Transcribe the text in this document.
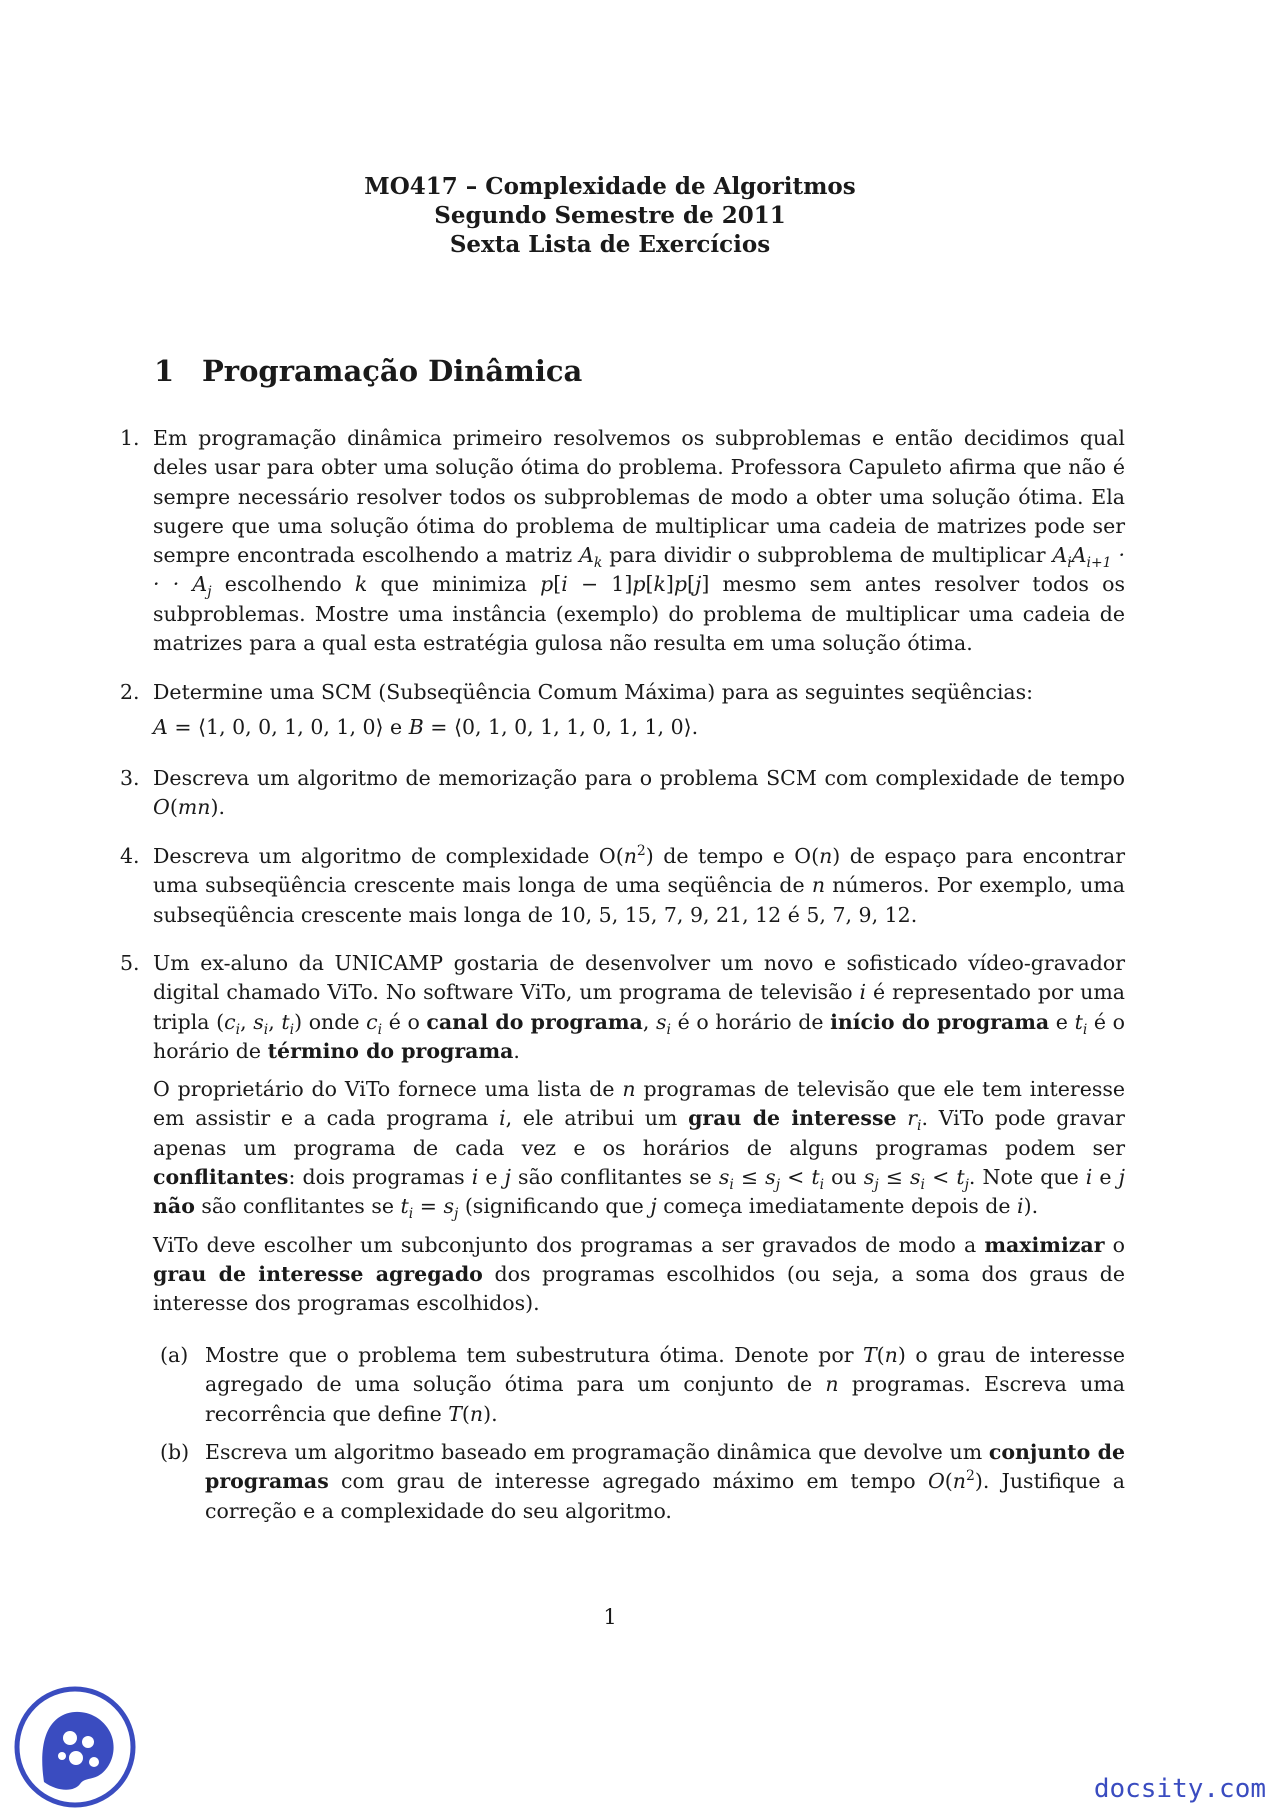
MO417 – Complexidade de Algoritmos
Segundo Semestre de 2011
Sexta Lista de Exercícios
1 Programação Dinâmica
1. Em programação dinâmica primeiro resolvemos os subproblemas e então decidimos qual deles usar para obter uma solução ótima do problema. Professora Capuleto afirma que não é sempre necessário resolver todos os subproblemas de modo a obter uma solução ótima. Ela sugere que uma solução ótima do problema de multiplicar uma cadeia de matrizes pode ser sempre encontrada escolhendo a matriz $A_k$ para dividir o subproblema de multiplicar $A_iA_{i+1}$ · · · $A_j$ escolhendo k que minimiza p[i − 1]p[k]p[j] mesmo sem antes resolver todos os subproblemas. Mostre uma instância (exemplo) do problema de multiplicar uma cadeia de matrizes para a qual esta estratégia gulosa não resulta em uma solução ótima.

2. Determine uma SCM (Subseqüência Comum Máxima) para as seguintes seqüências:

A = ⟨1, 0, 0, 1, 0, 1, 0⟩ e B = ⟨0, 1, 0, 1, 1, 0, 1, 1, 0⟩.

3. Descreva um algoritmo de memorização para o problema SCM com complexidade de tempo O(mn).

4. Descreva um algoritmo de complexidade $O(n^2)$ de tempo e O(n) de espaço para encontrar uma subseqüência crescente mais longa de uma seqüência de n números. Por exemplo, uma subseqüência crescente mais longa de 10, 5, 15, 7, 9, 21, 12 é 5, 7, 9, 12.

5. Um ex-aluno da UNICAMP gostaria de desenvolver um novo e sofisticado vídeo-gravador digital chamado ViTo. No software ViTo, um programa de televisão i é representado por uma tripla ($c_i$, $s_i$, $t_i$) onde $c_i$ é o canal do programa, $s_i$ é o horário de início do programa e $t_i$ é o horário de término do programa.

O proprietário do ViTo fornece uma lista de n programas de televisão que ele tem interesse em assistir e a cada programa i, ele atribui um grau de interesse $r_i$. ViTo pode gravar apenas um programa de cada vez e os horários de alguns programas podem ser conflitantes: dois programas i e j são conflitantes se $s_i \le s_j < t_i$ ou $s_j \le s_i < t_j$. Note que i e j não são conflitantes se $t_i = s_j$ (significando que j começa imediatamente depois de i).

ViTo deve escolher um subconjunto dos programas a ser gravados de modo a maximizar o grau de interesse agregado dos programas escolhidos (ou seja, a soma dos graus de interesse dos programas escolhidos).

(a) Mostre que o problema tem subestrutura ótima. Denote por T(n) o grau de interesse agregado de uma solução ótima para um conjunto de n programas. Escreva uma recorrência que define T(n).
(b) Escreva um algoritmo baseado em programação dinâmica que devolve um conjunto de programas com grau de interesse agregado máximo em tempo $O(n^2)$. Justifique a correção e a complexidade do seu algoritmo.
1
docsity.com
